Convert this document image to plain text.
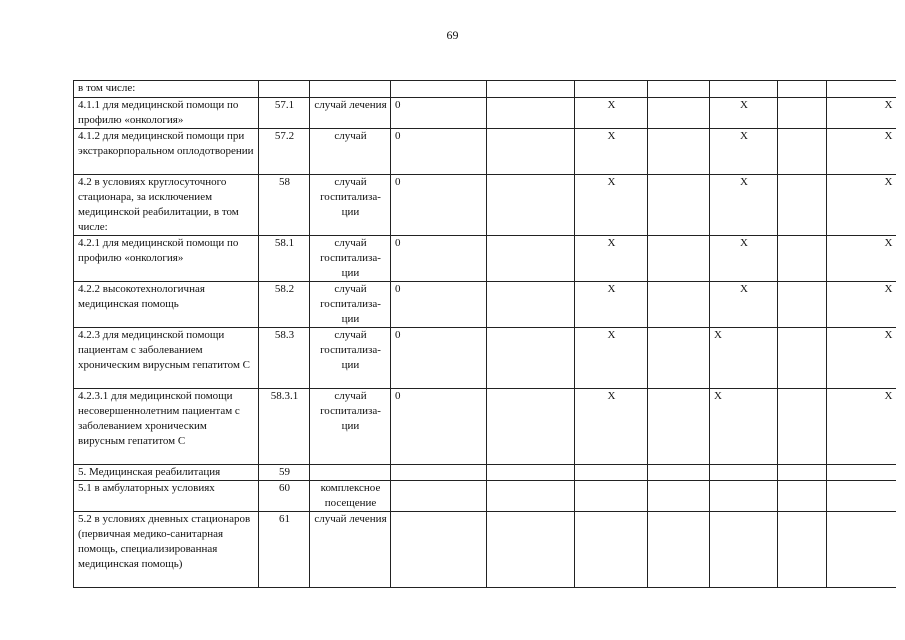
69
в том числе:									
4.1.1 для медицинской помощи по профилю «онкология»	57.1	случай лечения	0		X		X		X
4.1.2 для медицинской помощи при экстракорпоральном оплодотворении	57.2	случай	0		X		X		X
4.2 в условиях круглосуточного стационара, за исключением медицинской реабилитации, в том числе:	58	случай госпитализа-ции	0		X		X		X
4.2.1 для медицинской помощи по профилю «онкология»	58.1	случай госпитализа-ции	0		X		X		X
4.2.2 высокотехнологичная медицинская помощь	58.2	случай госпитализа-ции	0		X		X		X
4.2.3 для медицинской помощи пациентам с заболеванием хроническим вирусным гепатитом С	58.3	случай госпитализа-ции	0		X		X		X
4.2.3.1 для медицинской помощи несовершеннолетним пациентам с заболеванием хроническим вирусным гепатитом С	58.3.1	случай госпитализа-ции	0		X		X		X
5. Медицинская реабилитация	59								
5.1 в амбулаторных условиях	60	комплексное посещение							
5.2 в условиях дневных стационаров (первичная медико-санитарная помощь, специализированная медицинская помощь)	61	случай лечения							
